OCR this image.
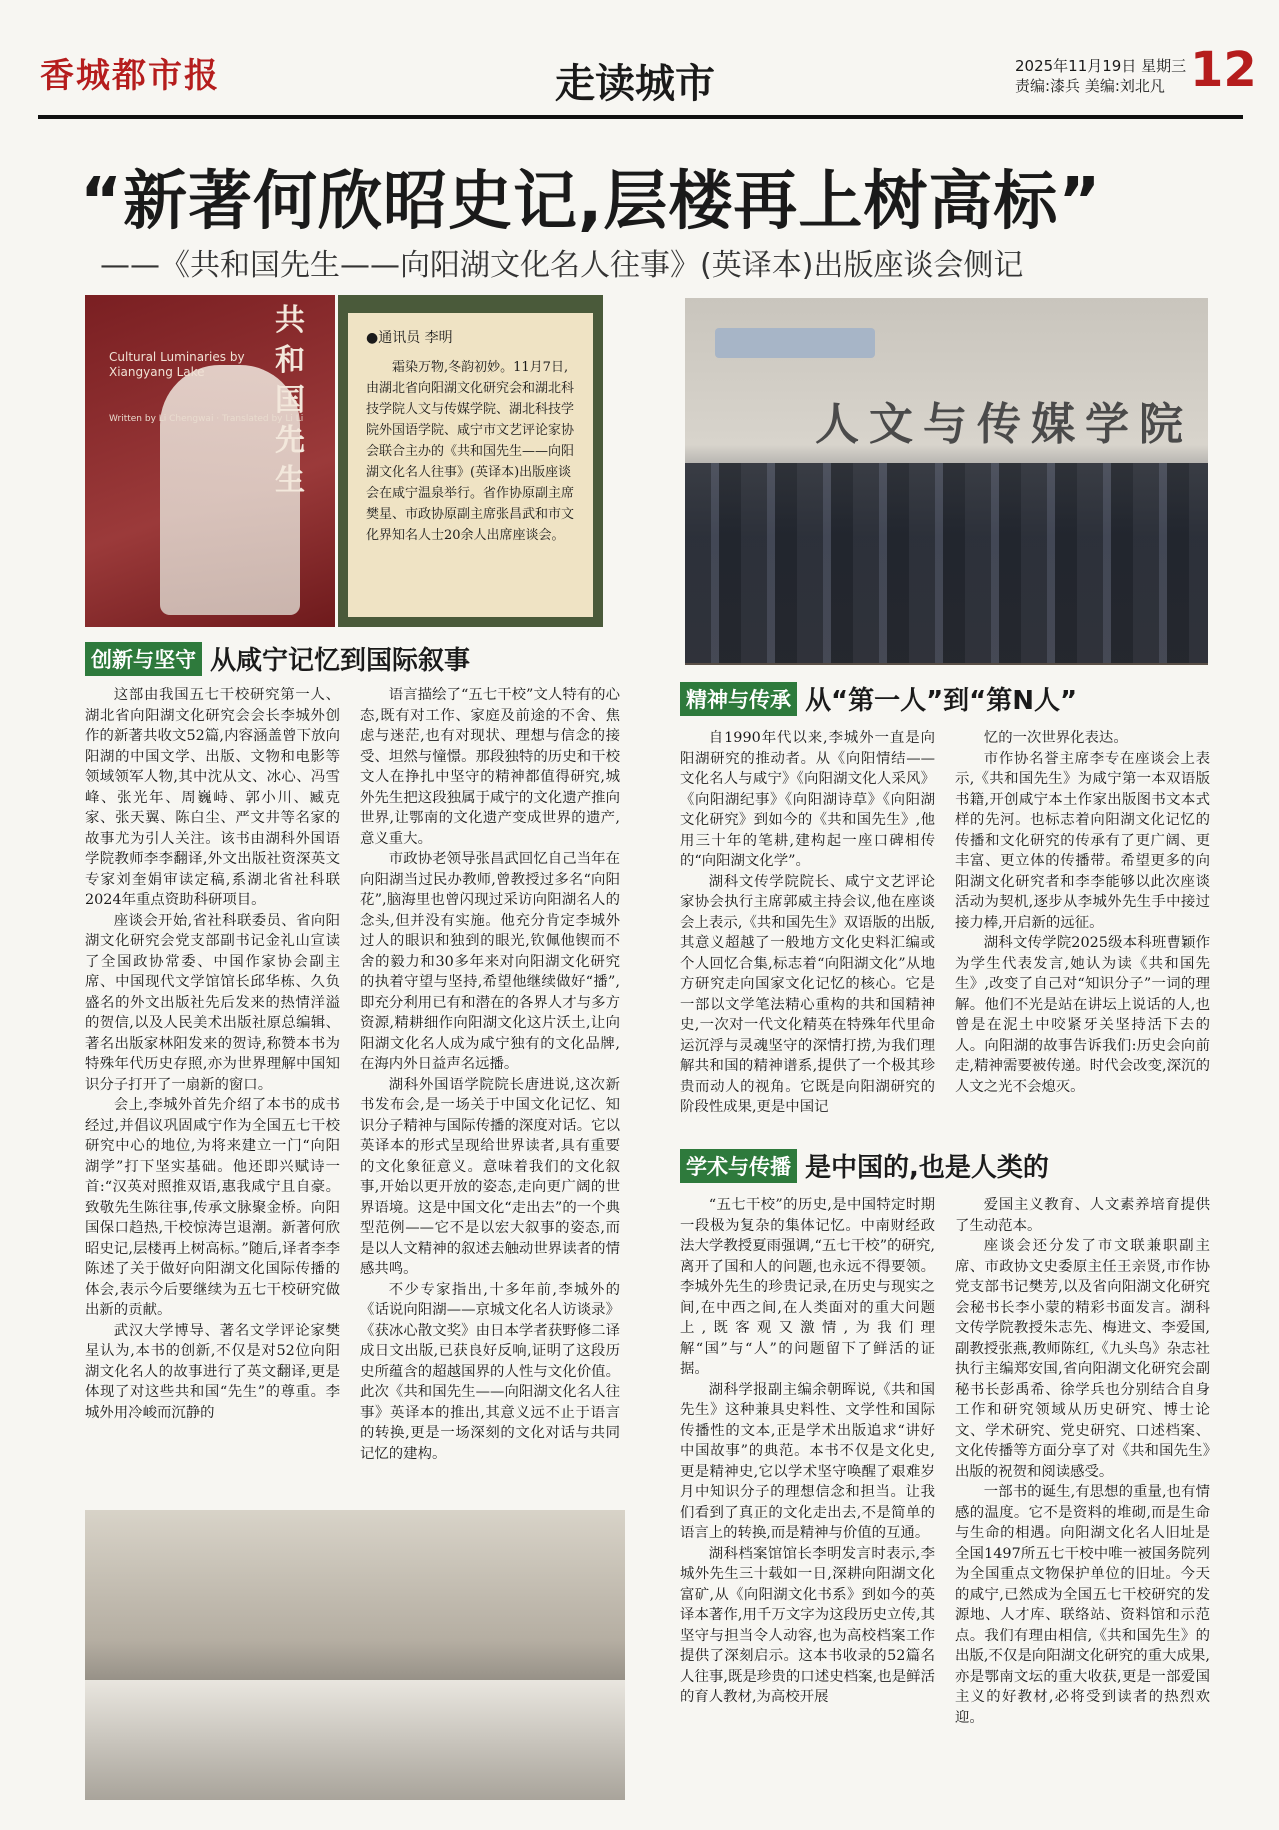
香城都市报	走读城市	2025年11月19日 星期三
责编:漆兵 美编:刘北凡 12
“新著何欣昭史记,层楼再上树高标”
——《共和国先生——向阳湖文化名人往事》(英译本)出版座谈会侧记
共和国先生
Cultural Luminaries by Xiangyang Lake
Written by Li Chengwai · Translated by Li Li
●通讯员 李明
霜染万物,冬韵初妙。11月7日,由湖北省向阳湖文化研究会和湖北科技学院人文与传媒学院、湖北科技学院外国语学院、咸宁市文艺评论家协会联合主办的《共和国先生——向阳湖文化名人往事》(英译本)出版座谈会在咸宁温泉举行。省作协原副主席樊星、市政协原副主席张昌武和市文化界知名人士20余人出席座谈会。
人文与传媒学院
创新与坚守 从咸宁记忆到国际叙事
精神与传承 从“第一人”到“第N人”
学术与传播 是中国的,也是人类的

这部由我国五七干校研究第一人、湖北省向阳湖文化研究会会长李城外创作的新著共收文52篇,内容涵盖曾下放向阳湖的中国文学、出版、文物和电影等领域领军人物,其中沈从文、冰心、冯雪峰、张光年、周巍峙、郭小川、臧克家、张天翼、陈白尘、严文井等名家的故事尤为引人关注。该书由湖科外国语学院教师李李翻译,外文出版社资深英文专家刘奎娟审读定稿,系湖北省社科联2024年重点资助科研项目。

座谈会开始,省社科联委员、省向阳湖文化研究会党支部副书记金礼山宣读了全国政协常委、中国作家协会副主席、中国现代文学馆馆长邱华栋、久负盛名的外文出版社先后发来的热情洋溢的贺信,以及人民美术出版社原总编辑、著名出版家林阳发来的贺诗,称赞本书为特殊年代历史存照,亦为世界理解中国知识分子打开了一扇新的窗口。

会上,李城外首先介绍了本书的成书经过,并倡议巩固咸宁作为全国五七干校研究中心的地位,为将来建立一门“向阳湖学”打下坚实基础。他还即兴赋诗一首:“汉英对照推双语,惠我咸宁且自豪。致敬先生陈往事,传承文脉聚金桥。向阳国保口趋热,干校惊涛岂退潮。新著何欣昭史记,层楼再上树高标。”随后,译者李李陈述了关于做好向阳湖文化国际传播的体会,表示今后要继续为五七干校研究做出新的贡献。

武汉大学博导、著名文学评论家樊星认为,本书的创新,不仅是对52位向阳湖文化名人的故事进行了英文翻译,更是体现了对这些共和国“先生”的尊重。李城外用冷峻而沉静的

语言描绘了“五七干校”文人特有的心态,既有对工作、家庭及前途的不舍、焦虑与迷茫,也有对现状、理想与信念的接受、坦然与憧憬。那段独特的历史和干校文人在挣扎中坚守的精神都值得研究,城外先生把这段独属于咸宁的文化遗产推向世界,让鄂南的文化遗产变成世界的遗产,意义重大。

市政协老领导张昌武回忆自己当年在向阳湖当过民办教师,曾教授过多名“向阳花”,脑海里也曾闪现过采访向阳湖名人的念头,但并没有实施。他充分肯定李城外过人的眼识和独到的眼光,钦佩他锲而不舍的毅力和30多年来对向阳湖文化研究的执着守望与坚持,希望他继续做好“播”,即充分利用已有和潜在的各界人才与多方资源,精耕细作向阳湖文化这片沃土,让向阳湖文化名人成为咸宁独有的文化品牌,在海内外日益声名远播。

湖科外国语学院院长唐进说,这次新书发布会,是一场关于中国文化记忆、知识分子精神与国际传播的深度对话。它以英译本的形式呈现给世界读者,具有重要的文化象征意义。意味着我们的文化叙事,开始以更开放的姿态,走向更广阔的世界语境。这是中国文化“走出去”的一个典型范例——它不是以宏大叙事的姿态,而是以人文精神的叙述去触动世界读者的情感共鸣。

不少专家指出,十多年前,李城外的《话说向阳湖——京城文化名人访谈录》《获冰心散文奖》由日本学者获野修二译成日文出版,已获良好反响,证明了这段历史所蕴含的超越国界的人性与文化价值。此次《共和国先生——向阳湖文化名人往事》英译本的推出,其意义远不止于语言的转换,更是一场深刻的文化对话与共同记忆的建构。

自1990年代以来,李城外一直是向阳湖研究的推动者。从《向阳情结——文化名人与咸宁》《向阳湖文化人采风》《向阳湖纪事》《向阳湖诗草》《向阳湖文化研究》到如今的《共和国先生》,他用三十年的笔耕,建构起一座口碑相传的“向阳湖文化学”。

湖科文传学院院长、咸宁文艺评论家协会执行主席郭威主持会议,他在座谈会上表示,《共和国先生》双语版的出版,其意义超越了一般地方文化史料汇编或个人回忆合集,标志着“向阳湖文化”从地方研究走向国家文化记忆的核心。它是一部以文学笔法精心重构的共和国精神史,一次对一代文化精英在特殊年代里命运沉浮与灵魂坚守的深情打捞,为我们理解共和国的精神谱系,提供了一个极其珍贵而动人的视角。它既是向阳湖研究的阶段性成果,更是中国记

忆的一次世界化表达。

市作协名誉主席李专在座谈会上表示,《共和国先生》为咸宁第一本双语版书籍,开创咸宁本土作家出版图书文本式样的先河。也标志着向阳湖文化记忆的传播和文化研究的传承有了更广阔、更丰富、更立体的传播带。希望更多的向阳湖文化研究者和李李能够以此次座谈活动为契机,逐步从李城外先生手中接过接力棒,开启新的远征。

湖科文传学院2025级本科班曹颖作为学生代表发言,她认为读《共和国先生》,改变了自己对“知识分子”一词的理解。他们不光是站在讲坛上说话的人,也曾是在泥土中咬紧牙关坚持活下去的人。向阳湖的故事告诉我们:历史会向前走,精神需要被传递。时代会改变,深沉的人文之光不会熄灭。

“五七干校”的历史,是中国特定时期一段极为复杂的集体记忆。中南财经政法大学教授夏雨强调,“五七干校”的研究,离开了国和人的问题,也永远不得要领。李城外先生的珍贵记录,在历史与现实之间,在中西之间,在人类面对的重大问题上,既客观又激情,为我们理解“国”与“人”的问题留下了鲜活的证据。

湖科学报副主编余朝晖说,《共和国先生》这种兼具史料性、文学性和国际传播性的文本,正是学术出版追求“讲好中国故事”的典范。本书不仅是文化史,更是精神史,它以学术坚守唤醒了艰难岁月中知识分子的理想信念和担当。让我们看到了真正的文化走出去,不是简单的语言上的转换,而是精神与价值的互通。

湖科档案馆馆长李明发言时表示,李城外先生三十载如一日,深耕向阳湖文化富矿,从《向阳湖文化书系》到如今的英译本著作,用千万文字为这段历史立传,其坚守与担当令人动容,也为高校档案工作提供了深刻启示。这本书收录的52篇名人往事,既是珍贵的口述史档案,也是鲜活的育人教材,为高校开展

爱国主义教育、人文素养培育提供了生动范本。

座谈会还分发了市文联兼职副主席、市政协文史委原主任王亲贤,市作协党支部书记樊芳,以及省向阳湖文化研究会秘书长李小蒙的精彩书面发言。湖科文传学院教授朱志先、梅进文、李爱国,副教授张燕,教师陈红,《九头鸟》杂志社执行主编郑安国,省向阳湖文化研究会副秘书长彭禹希、徐学兵也分别结合自身工作和研究领域从历史研究、博士论文、学术研究、党史研究、口述档案、文化传播等方面分享了对《共和国先生》出版的祝贺和阅读感受。

一部书的诞生,有思想的重量,也有情感的温度。它不是资料的堆砌,而是生命与生命的相遇。向阳湖文化名人旧址是全国1497所五七干校中唯一被国务院列为全国重点文物保护单位的旧址。今天的咸宁,已然成为全国五七干校研究的发源地、人才库、联络站、资料馆和示范点。我们有理由相信,《共和国先生》的出版,不仅是向阳湖文化研究的重大成果,亦是鄂南文坛的重大收获,更是一部爱国主义的好教材,必将受到读者的热烈欢迎。
